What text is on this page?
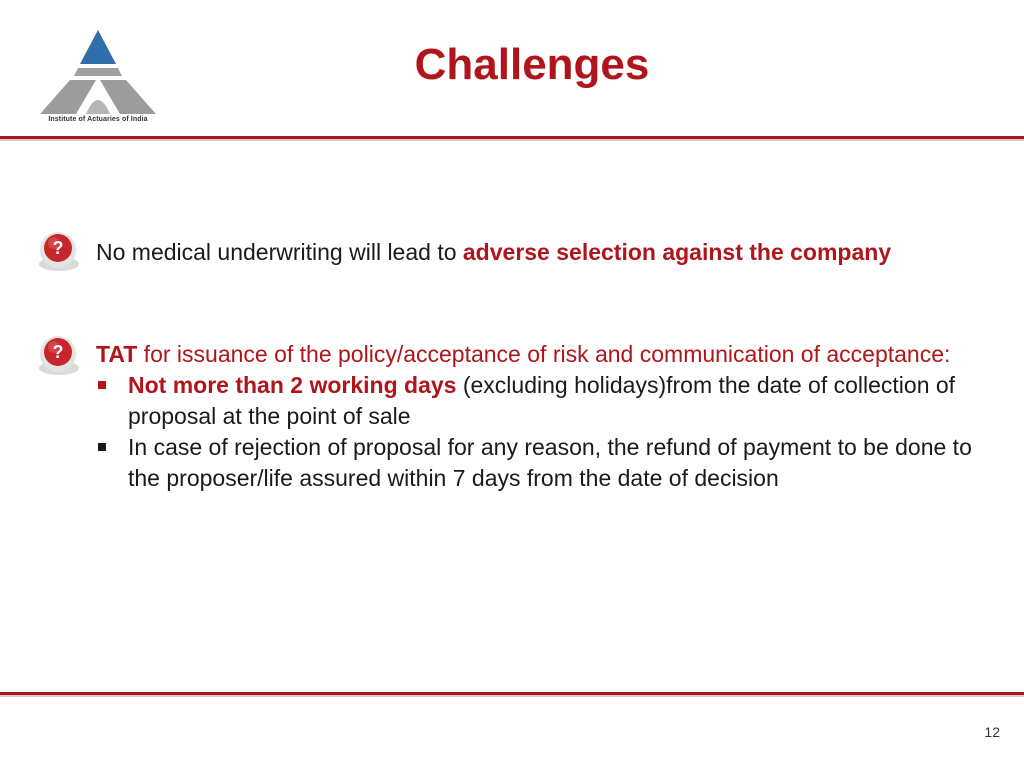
Institute of Actuaries of India
Challenges
? No medical underwriting will lead to adverse selection against the company
? TAT for issuance of the policy/acceptance of risk and communication of acceptance:

Not more than 2 working days (excluding holidays)from the date of collection of proposal at the point of sale
In case of rejection of proposal for any reason, the refund of payment to be done to the proposer/life assured within 7 days from the date of decision
12
